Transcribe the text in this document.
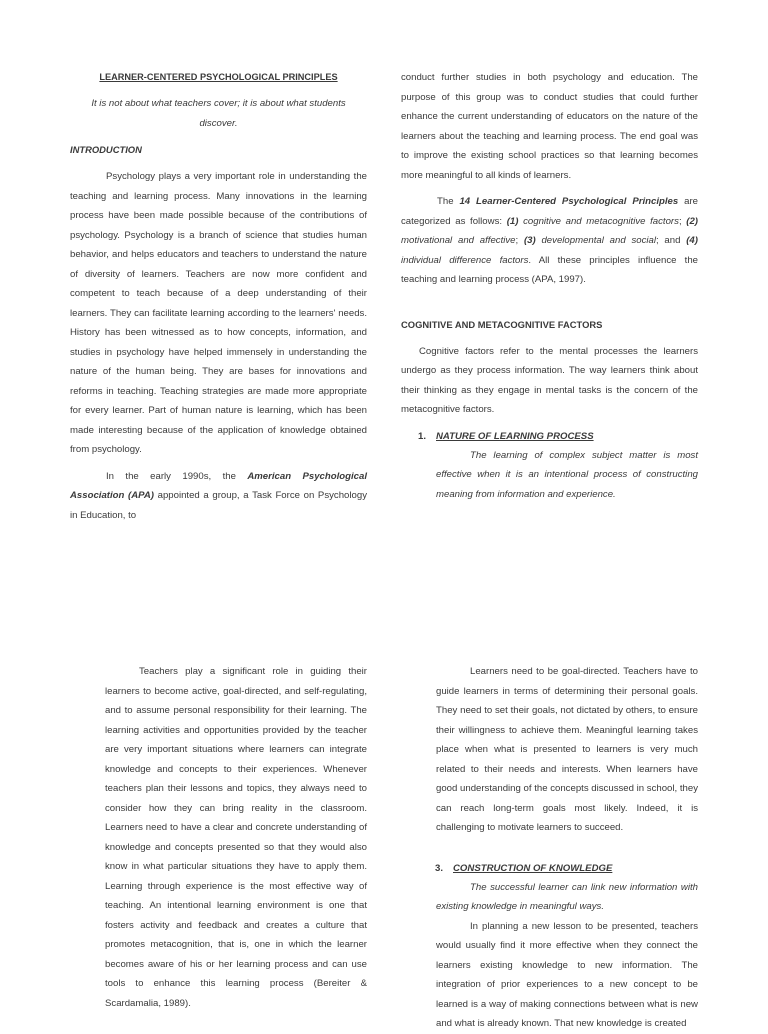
LEARNER-CENTERED PSYCHOLOGICAL PRINCIPLES
It is not about what teachers cover; it is about what students discover.
INTRODUCTION

Psychology plays a very important role in understanding the teaching and learning process. Many innovations in the learning process have been made possible because of the contributions of psychology. Psychology is a branch of science that studies human behavior, and helps educators and teachers to understand the nature of diversity of learners. Teachers are now more confident and competent to teach because of a deep understanding of their learners. They can facilitate learning according to the learners' needs. History has been witnessed as to how concepts, information, and studies in psychology have helped immensely in understanding the nature of the human being. They are bases for innovations and reforms in teaching. Teaching strategies are made more appropriate for every learner. Part of human nature is learning, which has been made interesting because of the application of knowledge obtained from psychology.

In the early 1990s, the American Psychological Association (APA) appointed a group, a Task Force on Psychology in Education, to

conduct further studies in both psychology and education. The purpose of this group was to conduct studies that could further enhance the current understanding of educators on the nature of the learners about the teaching and learning process. The end goal was to improve the existing school practices so that learning becomes more meaningful to all kinds of learners.

The 14 Learner-Centered Psychological Principles are categorized as follows: (1) cognitive and metacognitive factors; (2) motivational and affective; (3) developmental and social; and (4) individual difference factors. All these principles influence the teaching and learning process (APA, 1997).

COGNITIVE AND METACOGNITIVE FACTORS

Cognitive factors refer to the mental processes the learners undergo as they process information. The way learners think about their thinking as they engage in mental tasks is the concern of the metacognitive factors.

1. NATURE OF LEARNING PROCESS

The learning of complex subject matter is most effective when it is an intentional process of constructing meaning from information and experience.

Teachers play a significant role in guiding their learners to become active, goal-directed, and self-regulating, and to assume personal responsibility for their learning. The learning activities and opportunities provided by the teacher are very important situations where learners can integrate knowledge and concepts to their experiences. Whenever teachers plan their lessons and topics, they always need to consider how they can bring reality in the classroom. Learners need to have a clear and concrete understanding of knowledge and concepts presented so that they would also know in what particular situations they have to apply them. Learning through experience is the most effective way of teaching. An intentional learning environment is one that fosters activity and feedback and creates a culture that promotes metacognition, that is, one in which the learner becomes aware of his or her learning process and can use tools to enhance this learning process (Bereiter & Scardamalia, 1989).

Learners need to be goal-directed. Teachers have to guide learners in terms of determining their personal goals. They need to set their goals, not dictated by others, to ensure their willingness to achieve them. Meaningful learning takes place when what is presented to learners is very much related to their needs and interests. When learners have good understanding of the concepts discussed in school, they can reach long-term goals most likely. Indeed, it is challenging to motivate learners to succeed.

3. CONSTRUCTION OF KNOWLEDGE

The successful learner can link new information with existing knowledge in meaningful ways.

In planning a new lesson to be presented, teachers would usually find it more effective when they connect the learners existing knowledge to new information. The integration of prior experiences to a new concept to be learned is a way of making connections between what is new and what is already known. That new knowledge is created
